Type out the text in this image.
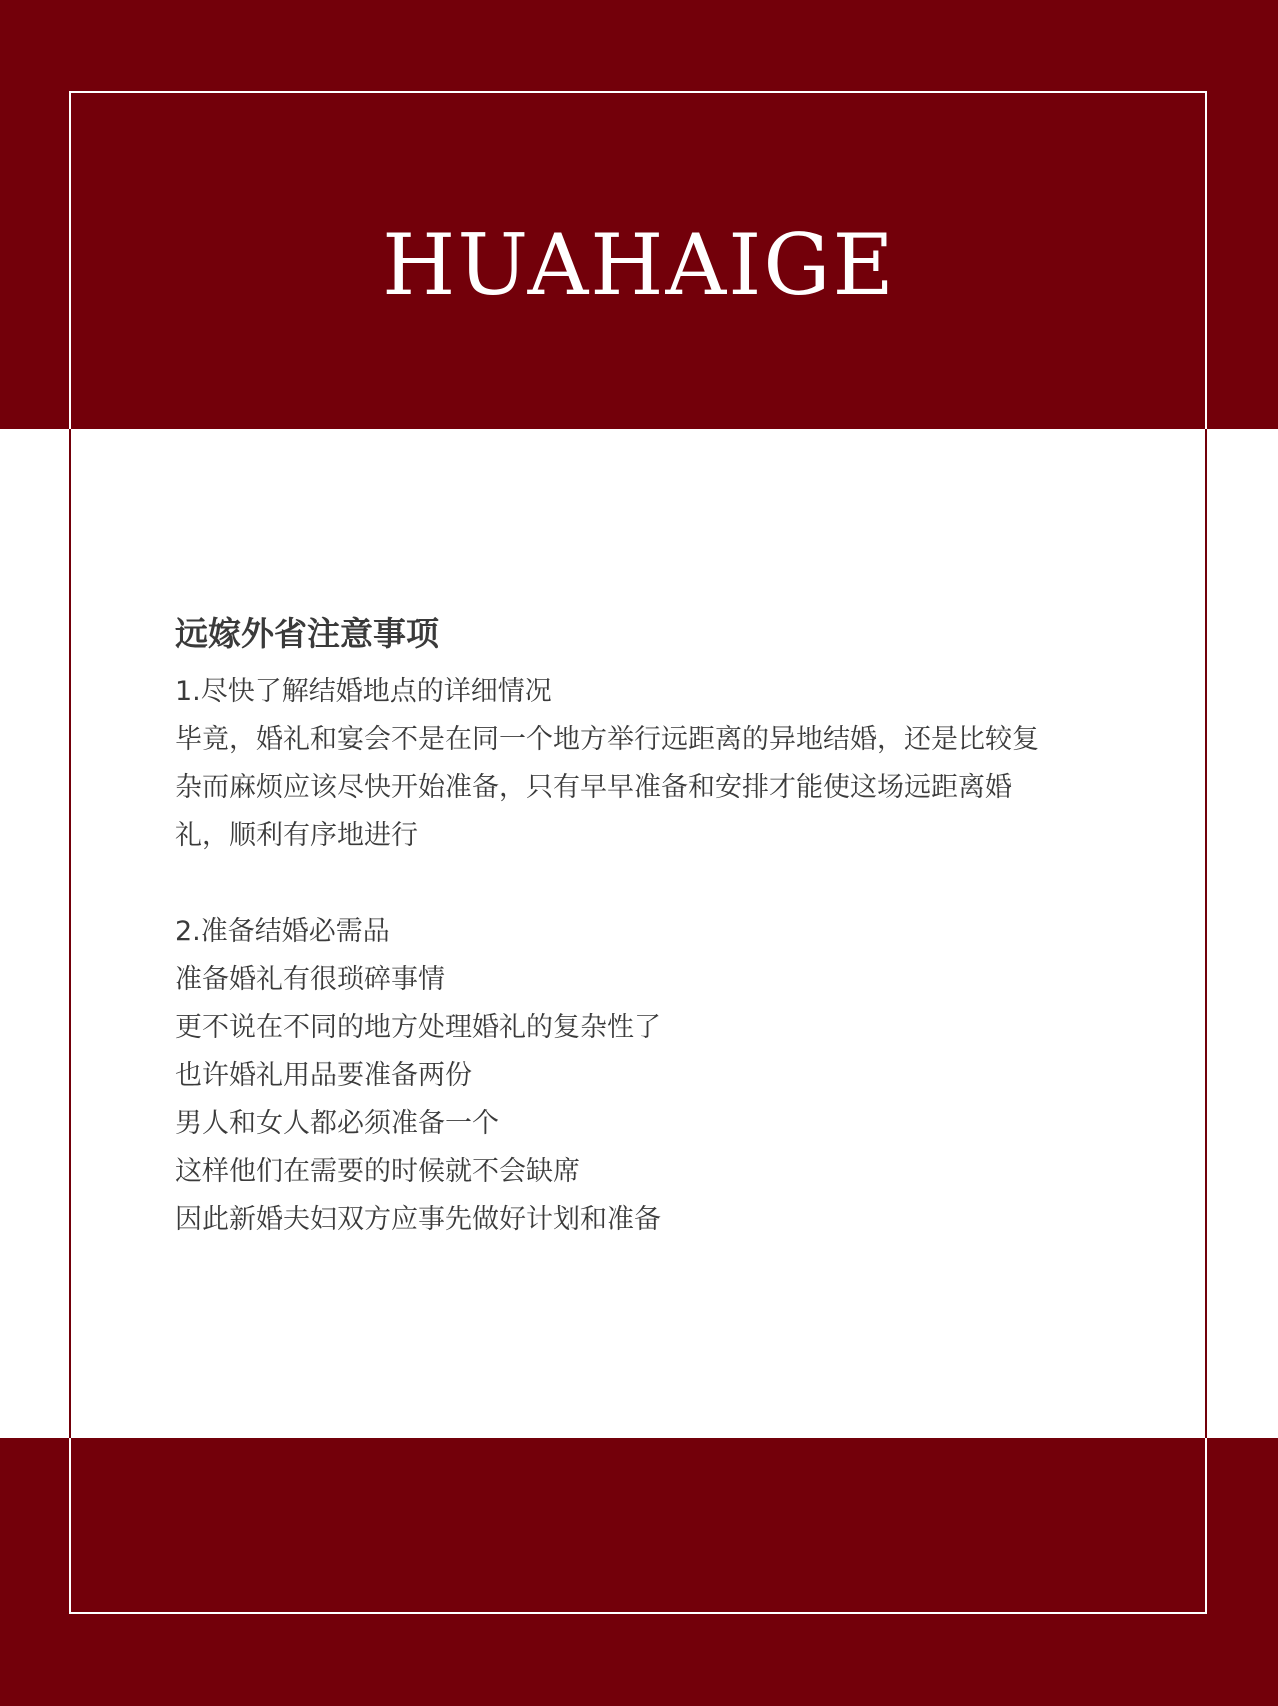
HUAHAIGE
远嫁外省注意事项

1.尽快了解结婚地点的详细情况

毕竟，婚礼和宴会不是在同一个地方举行远距离的异地结婚，还是比较复

杂而麻烦应该尽快开始准备，只有早早准备和安排才能使这场远距离婚

礼，顺利有序地进行

2.准备结婚必需品

准备婚礼有很琐碎事情

更不说在不同的地方处理婚礼的复杂性了

也许婚礼用品要准备两份

男人和女人都必须准备一个

这样他们在需要的时候就不会缺席

因此新婚夫妇双方应事先做好计划和准备
